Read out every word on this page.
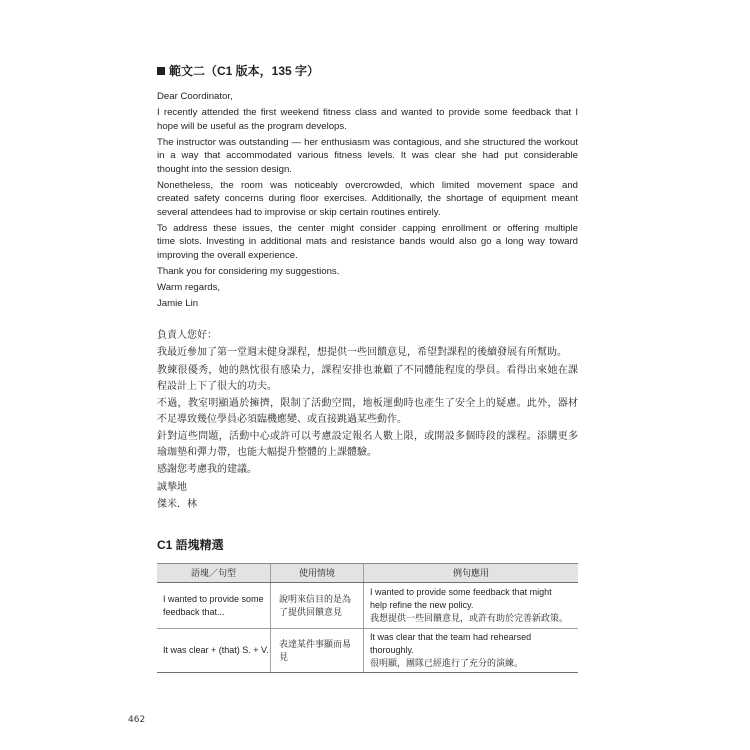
範文二（C1 版本，135 字）
Dear Coordinator,
I recently attended the first weekend fitness class and wanted to provide some feedback that I
hope will be useful as the program develops.
The instructor was outstanding — her enthusiasm was contagious, and she structured the workout
in a way that accommodated various fitness levels. It was clear she had put considerable
thought into the session design.
Nonetheless, the room was noticeably overcrowded, which limited movement space and
created safety concerns during floor exercises. Additionally, the shortage of equipment meant
several attendees had to improvise or skip certain routines entirely.
To address these issues, the center might consider capping enrollment or offering multiple
time slots. Investing in additional mats and resistance bands would also go a long way toward
improving the overall experience.
Thank you for considering my suggestions.
Warm regards,
Jamie Lin
負責人您好：
我最近參加了第一堂週末健身課程，想提供一些回饋意見，希望對課程的後續發展有所幫助。
教練很優秀，她的熱忱很有感染力，課程安排也兼顧了不同體能程度的學員。看得出來她在課
程設計上下了很大的功夫。
不過，教室明顯過於擁擠，限制了活動空間，地板運動時也產生了安全上的疑慮。此外，器材
不足導致幾位學員必須臨機應變、或直接跳過某些動作。
針對這些問題，活動中心或許可以考慮設定報名人數上限，或開設多個時段的課程。添購更多
瑜珈墊和彈力帶，也能大幅提升整體的上課體驗。
感謝您考慮我的建議。
誠摯地
傑米．林
C1 語塊精選
語塊／句型	使用情境	例句應用
I wanted to provide some
feedback that...
說明來信目的是為
了提供回饋意見
I wanted to provide some feedback that might
help refine the new policy.
我想提供一些回饋意見，或許有助於完善新政策。
It was clear + (that) S. + V.
表達某件事顯而易
見
It was clear that the team had rehearsed
thoroughly.
很明顯，團隊已經進行了充分的演練。
462
